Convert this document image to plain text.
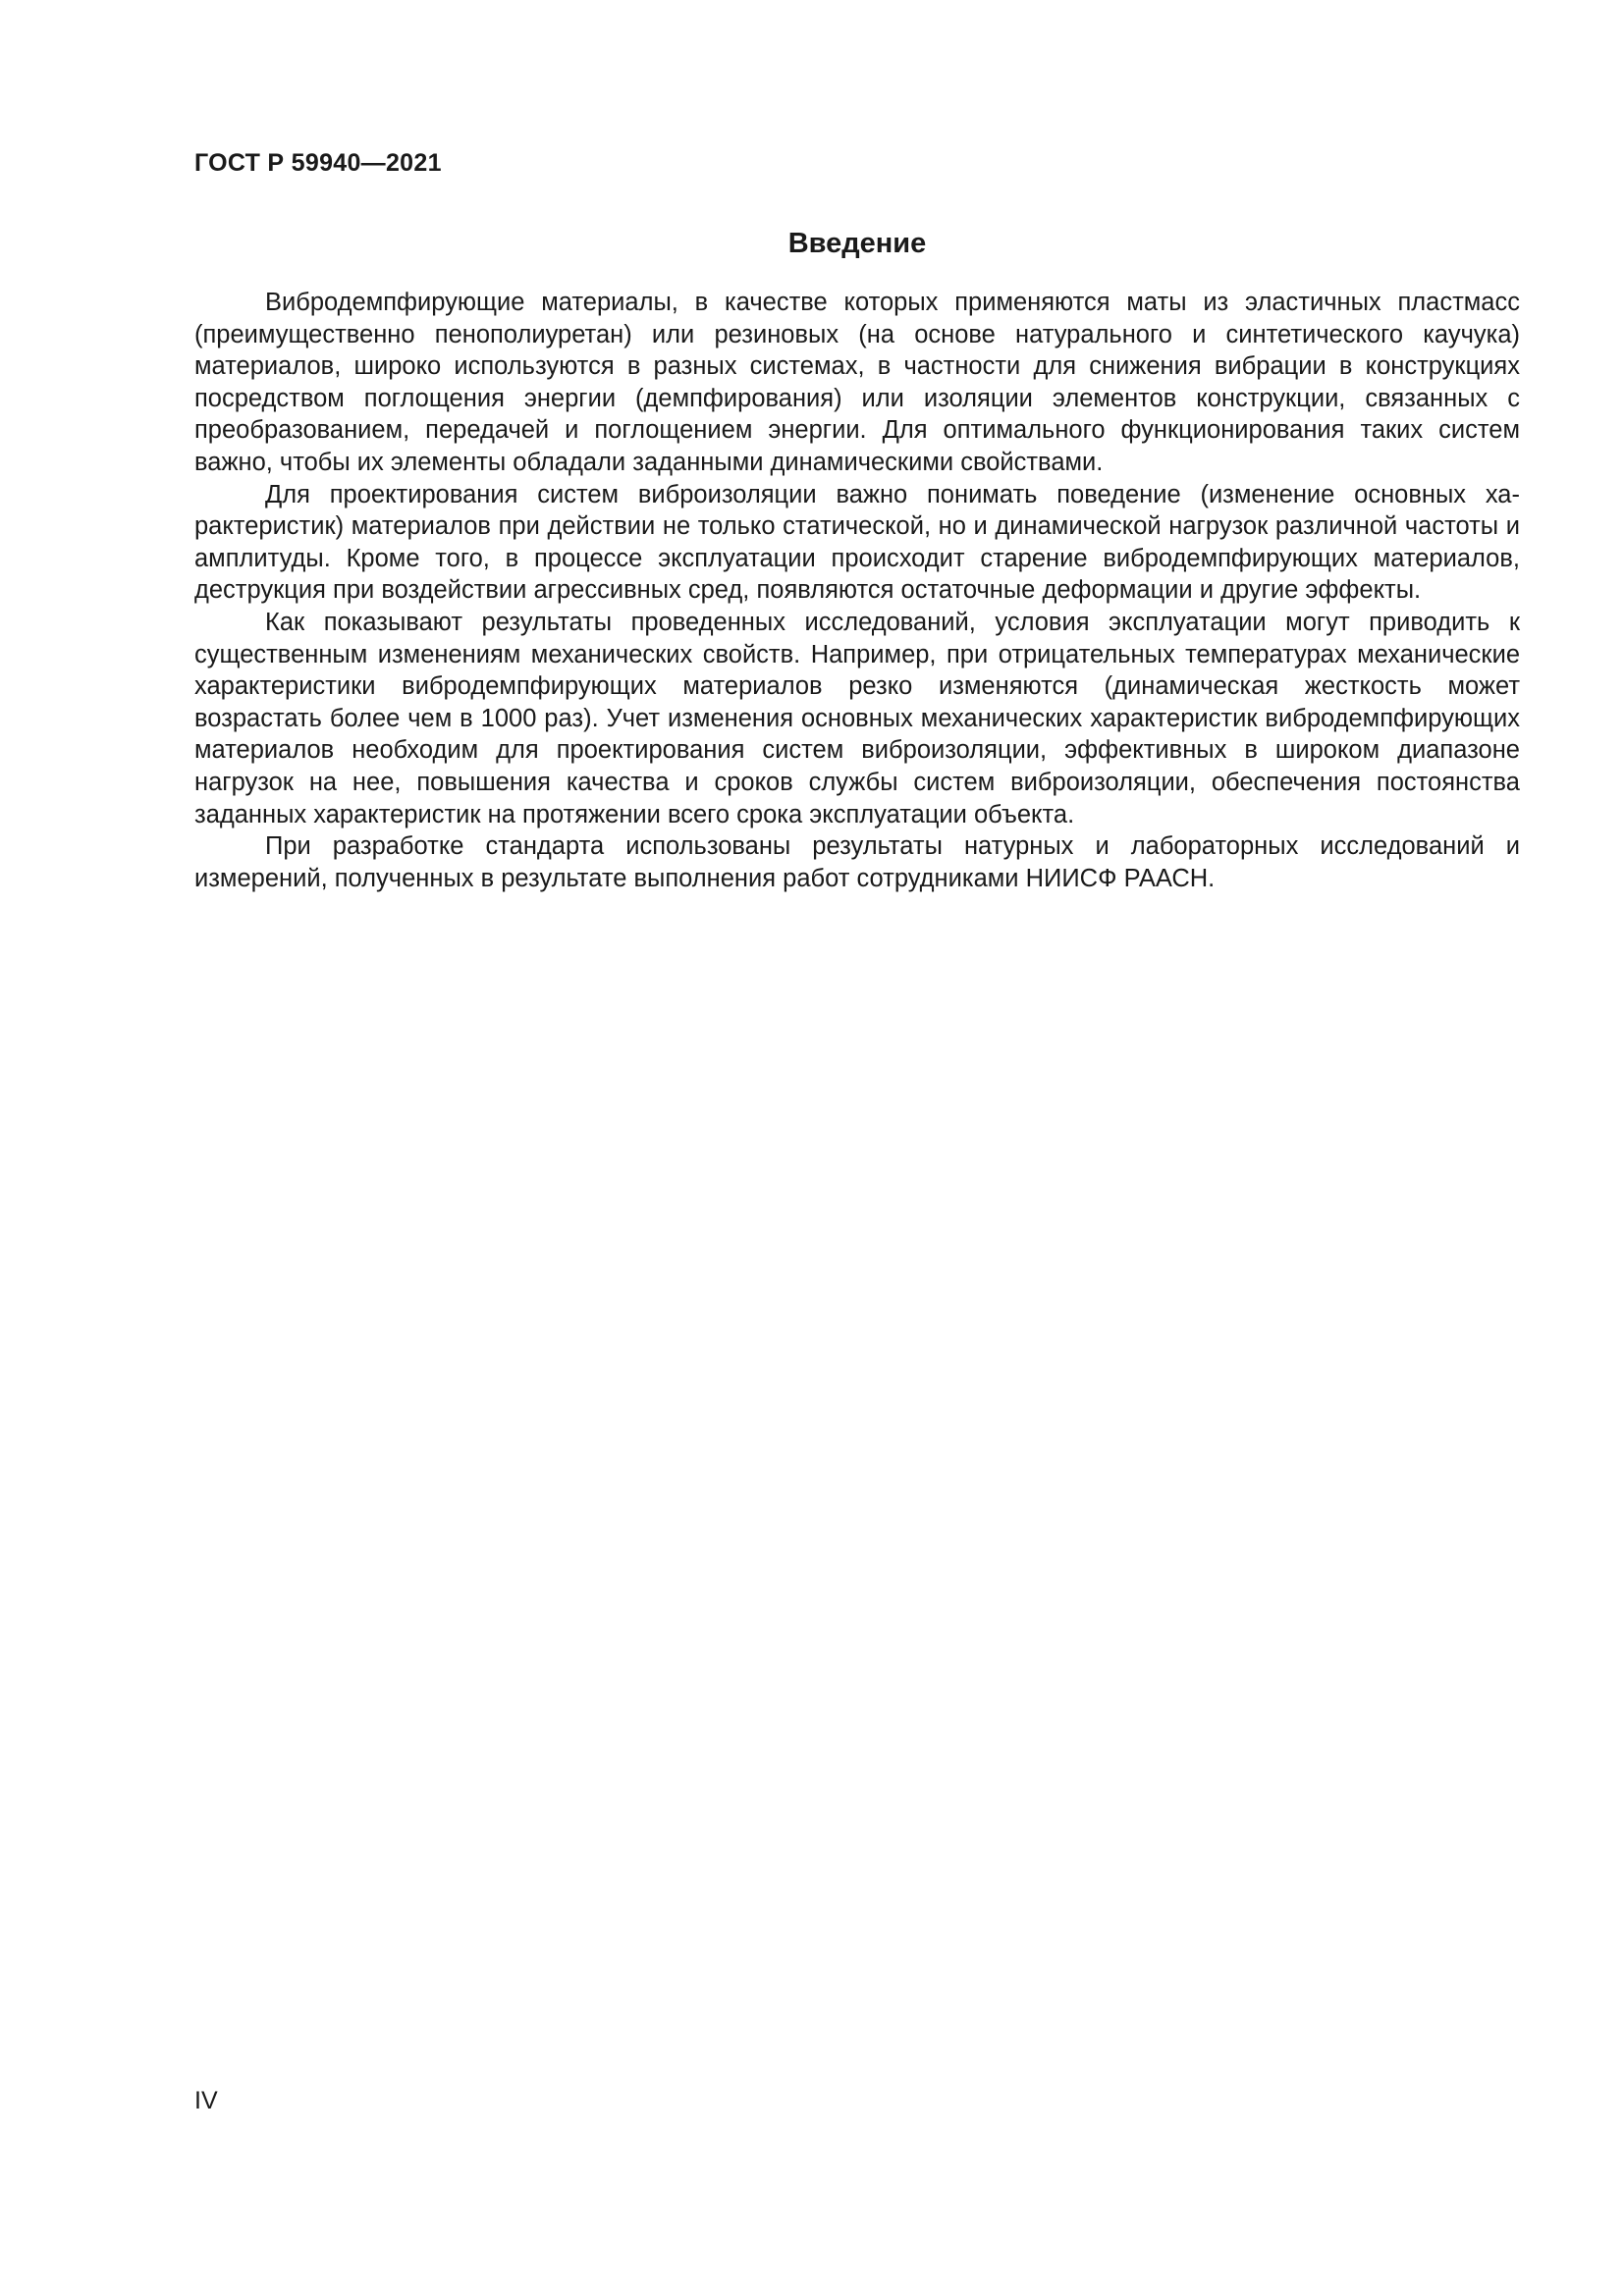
ГОСТ Р 59940—2021
Введение

Вибродемпфирующие материалы, в качестве которых применяются маты из эластичных пластмасс (преимущественно пенополиуретан) или резиновых (на основе натурального и синтетического каучука) материалов, широко используются в разных системах, в частности для снижения вибрации в конструкциях посредством поглощения энергии (демпфирования) или изоляции элементов конструкции, связанных с преобразованием, передачей и поглощением энергии. Для оптимального функционирования таких систем важно, чтобы их элементы обладали заданными динамическими свойствами.

Для проектирования систем виброизоляции важно понимать поведение (изменение основных характеристик) материалов при действии не только статической, но и динамической нагрузок различной частоты и амплитуды. Кроме того, в процессе эксплуатации происходит старение вибродемпфирующих материалов, деструкция при воздействии агрессивных сред, появляются остаточные деформации и другие эффекты.

Как показывают результаты проведенных исследований, условия эксплуатации могут приводить к существенным изменениям механических свойств. Например, при отрицательных температурах механические характеристики вибродемпфирующих материалов резко изменяются (динамическая жесткость может возрастать более чем в 1000 раз). Учет изменения основных механических характеристик вибродемпфирующих материалов необходим для проектирования систем виброизоляции, эффективных в широком диапазоне нагрузок на нее, повышения качества и сроков службы систем виброизоляции, обеспечения постоянства заданных характеристик на протяжении всего срока эксплуатации объекта.

При разработке стандарта использованы результаты натурных и лабораторных исследований и измерений, полученных в результате выполнения работ сотрудниками НИИСФ РААСН.

IV
